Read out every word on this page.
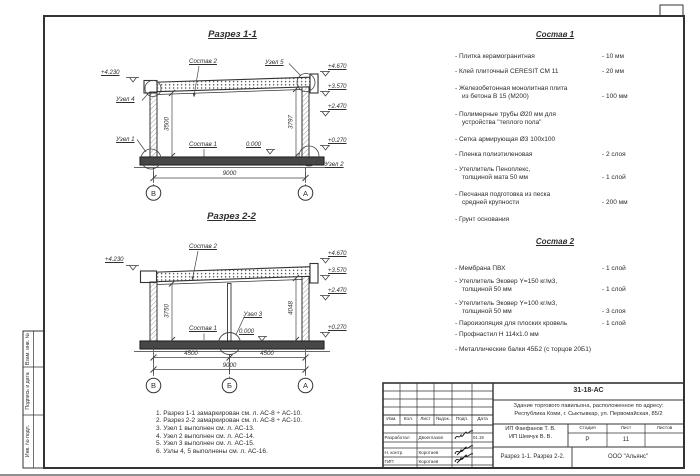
Взам. инв. №
Подпись и дата
Инв. № подл.
Разрез 1-1
Состав 2	Узел 5
+4.230
Узел 4
Узел 1
Состав 1	0.000
Узел 2
3500	3797
9000
+4.670
+3.570
+2.470
+0.270
В	А
Разрез 2-2
Состав 2
+4.230
Узел 3
Состав 1	0.000
3750	4048
4500	4500
9000
+4.670
+3.570
+2.470
+0.270
В	Б	А
Состав 1
- Плитка керамогранитная	- 10 мм
- Клей плиточный CERESIT CM 11	- 20 мм
- Железобетонная монолитная плита
из бетона В 15 (М200)	- 100 мм
- Полимерные трубы Ø20 мм для
устройства "теплого пола"
- Сетка армирующая Ø3 100x100
- Пленка полиэтиленовая	- 2 слоя
- Утеплитель Пеноплекс,
толщиной мата 50 мм	- 1 слой
- Песчаная подготовка из песка
средней крупности	- 200 мм
- Грунт основания
Состав 2
- Мембрана ПВХ	- 1 слой
- Утеплитель Эковер Y=150 кг/м3,
толщиной 50 мм	- 1 слой
- Утеплитель Эковер Y=100 кг/м3,
толщиной 50 мм	- 3 слоя
- Пароизоляция для плоских кровель	- 1 слой
- Профнастил Н 114x1.0 мм
- Металлические балки 45Б2 (с торцов 20Б1)
1. Разрез 1-1 замаркирован см. л. АС-8 ÷ АС-10.
2. Разрез 2-2 замаркирован см. л. АС-8 ÷ АС-10.
3. Узел 1 выполнен см. л. АС-13.
4. Узел 2 выполнен см. л. АС-14.
5. Узел 3 выполнен см. л. АС-15.
6. Узлы 4, 5 выполнены см. л. АС-16.
31-18-АС
Здание торгового павильона, расположенное по адресу:
Республика Коми, г. Сыктывкар, ул. Первомайская, 85/2
Изм.	Кол.	Лист	№док.	Подп.	Дата
Разработал	Двоеглазов	01.19
Н. контр.	Коротаев
ГИП	Коротаев
ИП Фаефанов Т. В.
ИП Шевчук В. В.
Стадия	Лист	Листов
Р	11
Разрез 1-1. Разрез 2-2.	ООО "Альянс"
